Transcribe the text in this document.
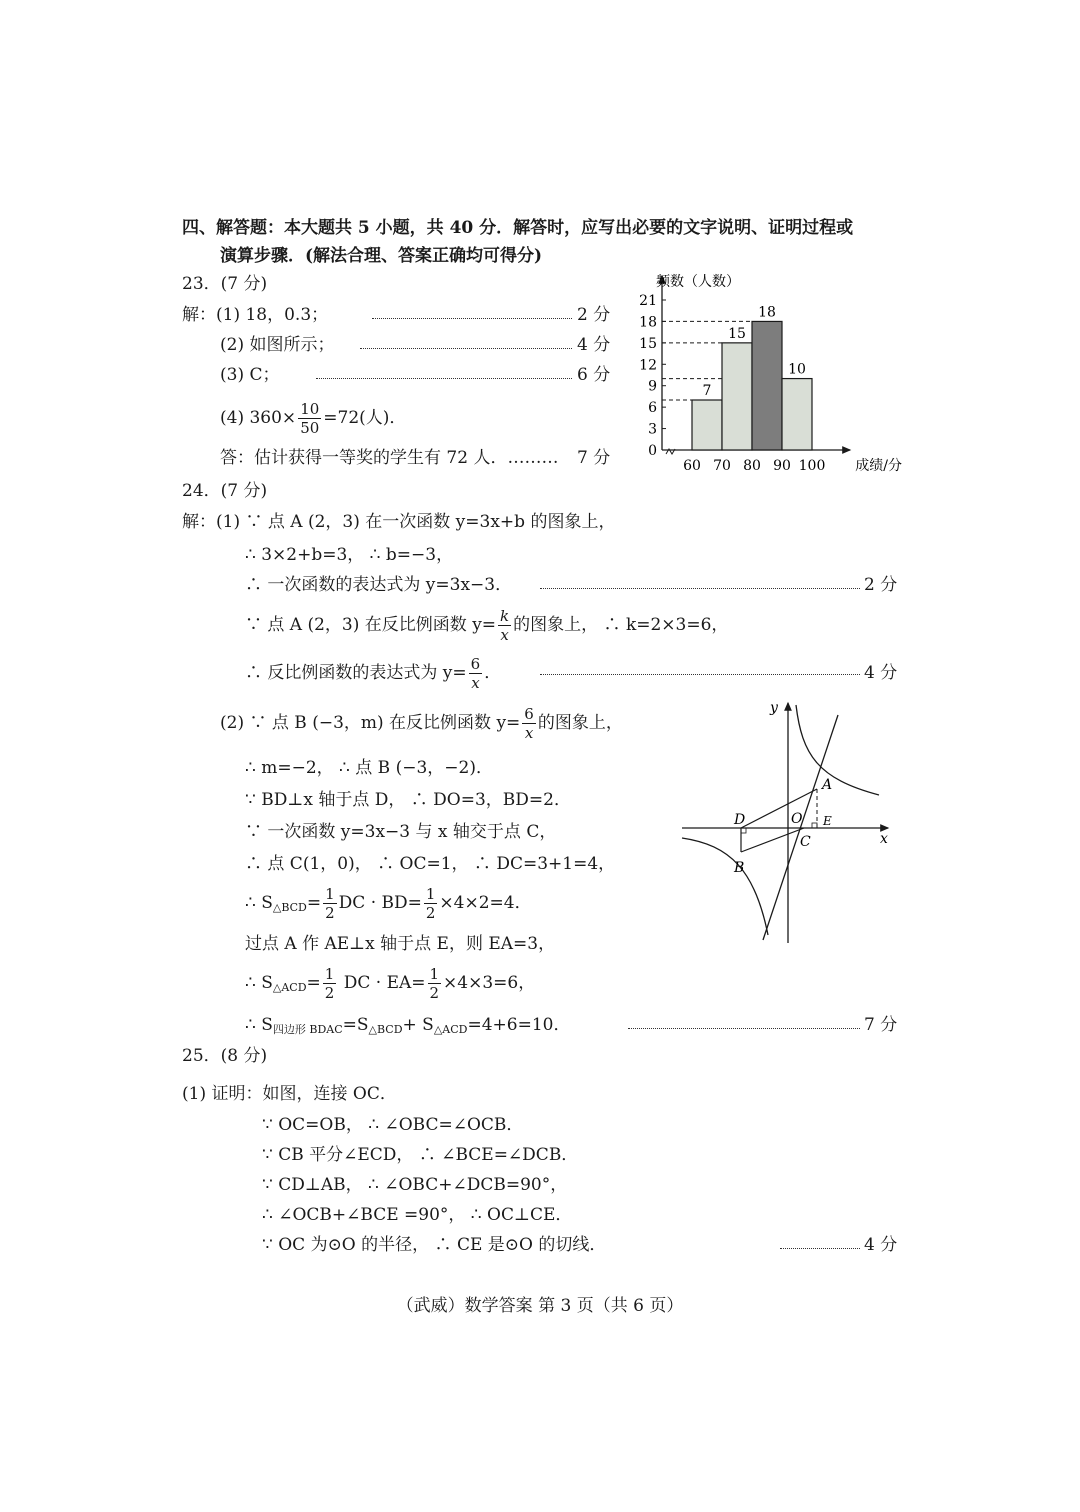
四、解答题：本大题共 5 小题，共 40 分．解答时，应写出必要的文字说明、证明过程或
演算步骤．(解法合理、答案正确均可得分)
23．(7 分)
解：(1) 18，0.3；	2 分
(2) 如图所示；	4 分
(3) C；	6 分
(4) $360\times \frac{10}{50} =72$(人)．
答：估计获得一等奖的学生有 72 人．……… 7 分	0
3
6
9
12
15
18
21
7
15
18
10
60 70 80 90 100
频数（人数）
成绩/分
24．(7 分)
解：(1) ∵ 点 A (2，3) 在一次函数 y=3x+b 的图象上，
∴ 3×2+b=3， ∴ b=−3，
∴ 一次函数的表达式为 y=3x−3．	2 分
∵ 点 A (2，3) 在反比例函数 $y= \frac{k}{x}$ 的图象上， ∴ k=2×3=6，
∴ 反比例函数的表达式为 $y= \frac{6}{x}$ ．	4 分
(2) ∵ 点 B (−3，m) 在反比例函数 $y= \frac{6}{x}$ 的图象上，
∴ m=−2， ∴ 点 B (−3，−2)．
∵ BD⊥x 轴于点 D， ∴ DO=3，BD=2．
∵ 一次函数 y=3x−3 与 x 轴交于点 C，
∴ 点 C(1，0)， ∴ OC=1， ∴ DC=3+1=4，
∴ $S_{\triangle BCD}= \frac{1}{2}$ DC · $BD= \frac{1}{2} \times 4\times 2=4$．
过点 A 作 AE⊥x 轴于点 E，则 EA=3，
∴ $S_{\triangle ACD}= \frac{1}{2}$ DC · $EA= \frac{1}{2} \times 4\times 3=6$，
∴ $S_{四边形 BDAC}=S_{\triangle BCD}+ S_{\triangle ACD}=4+6=10$．	7 分
y
x
A
B
C
D	E
O
25．(8 分)
(1) 证明：如图，连接 OC．
∵ OC=OB， ∴ ∠OBC=∠OCB．
∵ CB 平分∠ECD， ∴ ∠BCE=∠DCB．
∵ CD⊥AB， ∴ ∠OBC+∠DCB=90°，
∴ ∠OCB+∠BCE =90°， ∴ OC⊥CE．
∵ OC 为⊙O 的半径， ∴ CE 是⊙O 的切线．	4 分
（武威）数学答案 第 3 页（共 6 页）
